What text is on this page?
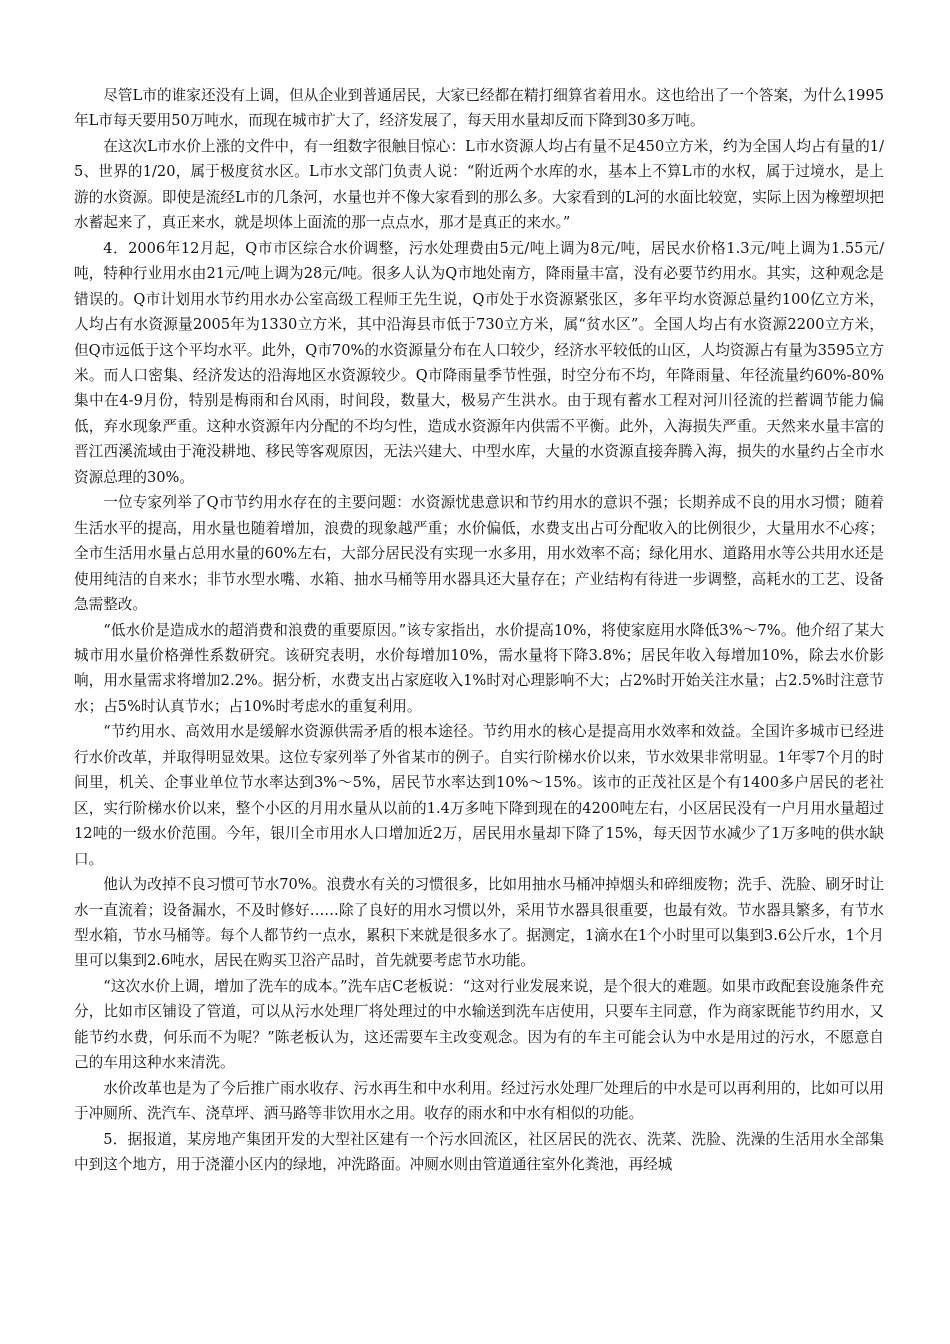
尽管L市的谁家还没有上调，但从企业到普通居民，大家已经都在精打细算省着用水。这也给出了一个答案，为什么1995年L市每天要用50万吨水，而现在城市扩大了，经济发展了，每天用水量却反而下降到30多万吨。

在这次L市水价上涨的文件中，有一组数字很触目惊心：L市水资源人均占有量不足450立方米，约为全国人均占有量的1/5、世界的1/20，属于极度贫水区。L市水文部门负责人说：“附近两个水库的水，基本上不算L市的水权，属于过境水，是上游的水资源。即使是流经L市的几条河，水量也并不像大家看到的那么多。大家看到的L河的水面比较宽，实际上因为橡塑坝把水蓄起来了，真正来水，就是坝体上面流的那一点点水，那才是真正的来水。”

4．2006年12月起，Q市市区综合水价调整，污水处理费由5元/吨上调为8元/吨，居民水价格1.3元/吨上调为1.55元/吨，特种行业用水由21元/吨上调为28元/吨。很多人认为Q市地处南方，降雨量丰富，没有必要节约用水。其实，这种观念是错误的。Q市计划用水节约用水办公室高级工程师王先生说，Q市处于水资源紧张区，多年平均水资源总量约100亿立方米，人均占有水资源量2005年为1330立方米，其中沿海县市低于730立方米，属“贫水区”。全国人均占有水资源2200立方米，但Q市远低于这个平均水平。此外，Q市70%的水资源量分布在人口较少，经济水平较低的山区，人均资源占有量为3595立方米。而人口密集、经济发达的沿海地区水资源较少。Q市降雨量季节性强，时空分布不均，年降雨量、年径流量约60%-80%集中在4-9月份，特别是梅雨和台风雨，时间段，数量大，极易产生洪水。由于现有蓄水工程对河川径流的拦蓄调节能力偏低，弃水现象严重。这种水资源年内分配的不均匀性，造成水资源年内供需不平衡。此外，入海损失严重。天然来水量丰富的晋江西溪流域由于淹没耕地、移民等客观原因，无法兴建大、中型水库，大量的水资源直接奔腾入海，损失的水量约占全市水资源总理的30%。

一位专家列举了Q市节约用水存在的主要问题：水资源忧患意识和节约用水的意识不强；长期养成不良的用水习惯；随着生活水平的提高，用水量也随着增加，浪费的现象越严重；水价偏低，水费支出占可分配收入的比例很少，大量用水不心疼；全市生活用水量占总用水量的60%左右，大部分居民没有实现一水多用，用水效率不高；绿化用水、道路用水等公共用水还是使用纯洁的自来水；非节水型水嘴、水箱、抽水马桶等用水器具还大量存在；产业结构有待进一步调整，高耗水的工艺、设备急需整改。

“低水价是造成水的超消费和浪费的重要原因。”该专家指出，水价提高10%，将使家庭用水降低3%～7%。他介绍了某大城市用水量价格弹性系数研究。该研究表明，水价每增加10%，需水量将下降3.8%；居民年收入每增加10%，除去水价影响，用水量需求将增加2.2%。据分析，水费支出占家庭收入1%时对心理影响不大；占2%时开始关注水量；占2.5%时注意节水；占5%时认真节水；占10%时考虑水的重复利用。

“节约用水、高效用水是缓解水资源供需矛盾的根本途径。节约用水的核心是提高用水效率和效益。全国许多城市已经进行水价改革，并取得明显效果。这位专家列举了外省某市的例子。自实行阶梯水价以来，节水效果非常明显。1年零7个月的时间里，机关、企事业单位节水率达到3%～5%，居民节水率达到10%～15%。该市的正茂社区是个有1400多户居民的老社区，实行阶梯水价以来，整个小区的月用水量从以前的1.4万多吨下降到现在的4200吨左右，小区居民没有一户月用水量超过12吨的一级水价范围。今年，银川全市用水人口增加近2万，居民用水量却下降了15%，每天因节水减少了1万多吨的供水缺口。

他认为改掉不良习惯可节水70%。浪费水有关的习惯很多，比如用抽水马桶冲掉烟头和碎细废物；洗手、洗脸、刷牙时让水一直流着；设备漏水，不及时修好……除了良好的用水习惯以外，采用节水器具很重要，也最有效。节水器具繁多，有节水型水箱，节水马桶等。每个人都节约一点水，累积下来就是很多水了。据测定，1滴水在1个小时里可以集到3.6公斤水，1个月里可以集到2.6吨水，居民在购买卫浴产品时，首先就要考虑节水功能。

“这次水价上调，增加了洗车的成本。”洗车店C老板说：“这对行业发展来说，是个很大的难题。如果市政配套设施条件充分，比如市区铺设了管道，可以从污水处理厂将处理过的中水输送到洗车店使用，只要车主同意，作为商家既能节约用水，又能节约水费，何乐而不为呢？”陈老板认为，这还需要车主改变观念。因为有的车主可能会认为中水是用过的污水，不愿意自己的车用这种水来清洗。

水价改革也是为了今后推广雨水收存、污水再生和中水利用。经过污水处理厂处理后的中水是可以再利用的，比如可以用于冲厕所、洗汽车、浇草坪、洒马路等非饮用水之用。收存的雨水和中水有相似的功能。

5．据报道，某房地产集团开发的大型社区建有一个污水回流区，社区居民的洗衣、洗菜、洗脸、洗澡的生活用水全部集中到这个地方，用于浇灌小区内的绿地，冲洗路面。冲厕水则由管道通往室外化粪池，再经城
